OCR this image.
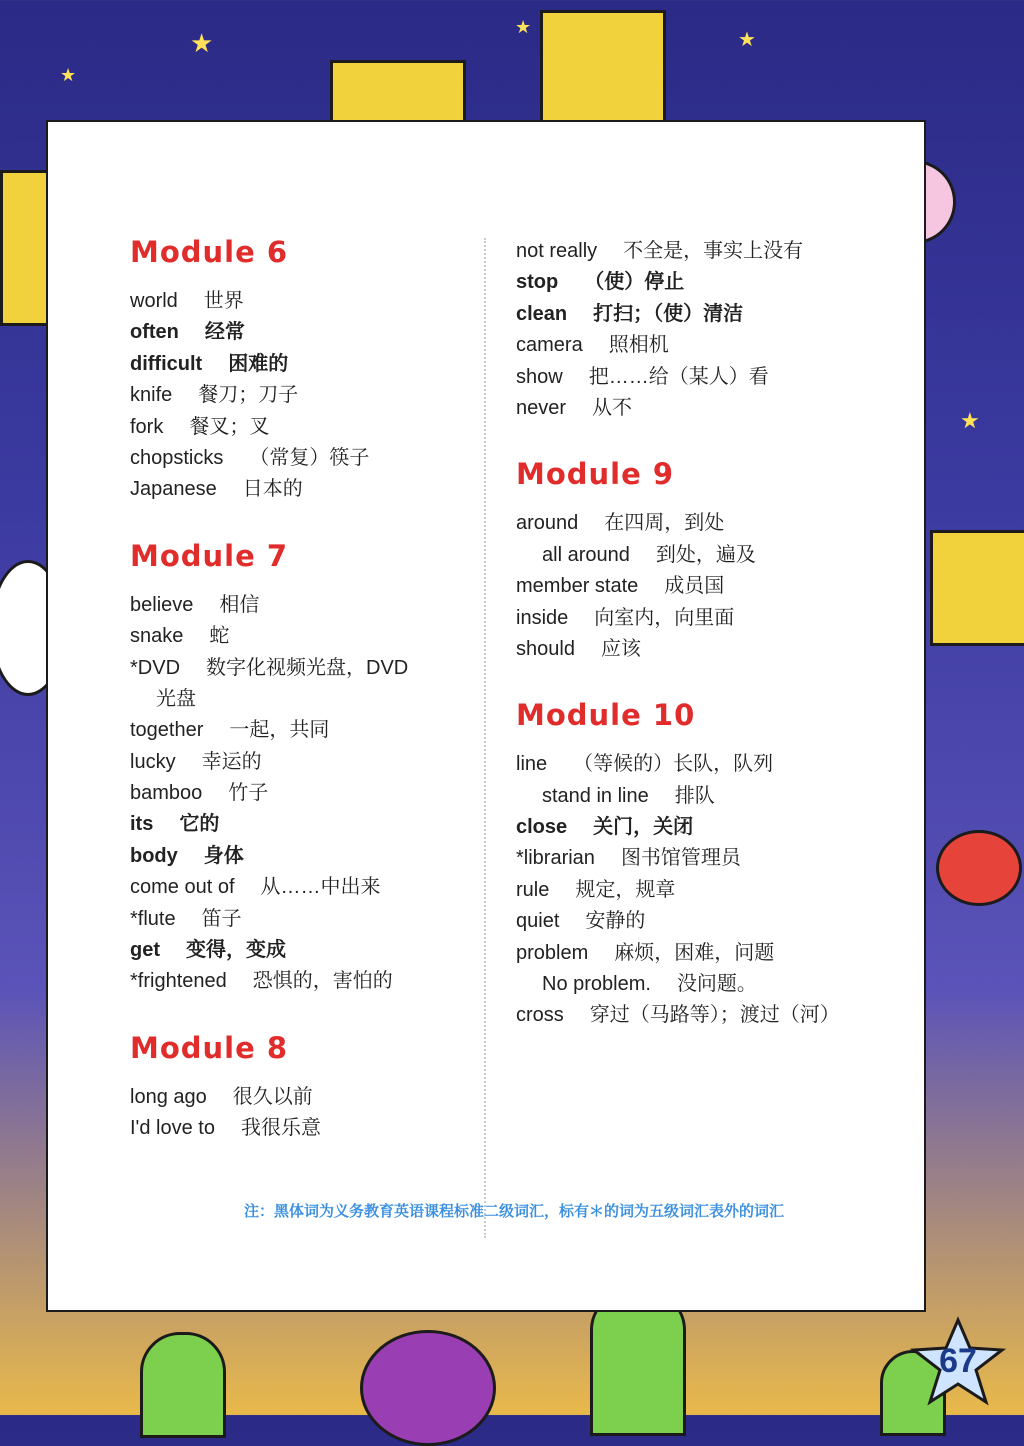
★
★
★
★
★
Module 6
world 世界
often 经常
difficult 困难的
knife 餐刀；刀子
fork 餐叉；叉
chopsticks （常复）筷子
Japanese 日本的
Module 7
believe 相信
snake 蛇
*DVD 数字化视频光盘，DVD
光盘
together 一起，共同
lucky 幸运的
bamboo 竹子
its 它的
body 身体
come out of 从……中出来
*flute 笛子
get 变得，变成
*frightened 恐惧的，害怕的
Module 8
long ago 很久以前
I'd love to 我很乐意
not really 不全是，事实上没有
stop （使）停止
clean 打扫；（使）清洁
camera 照相机
show 把……给（某人）看
never 从不
Module 9
around 在四周，到处
all around 到处，遍及
member state 成员国
inside 向室内，向里面
should 应该
Module 10
line （等候的）长队，队列
stand in line 排队
close 关门，关闭
*librarian 图书馆管理员
rule 规定，规章
quiet 安静的
problem 麻烦，困难，问题
No problem. 没问题。
cross 穿过（马路等）；渡过（河）
注：黑体词为义务教育英语课程标准二级词汇，标有＊的词为五级词汇表外的词汇
67
